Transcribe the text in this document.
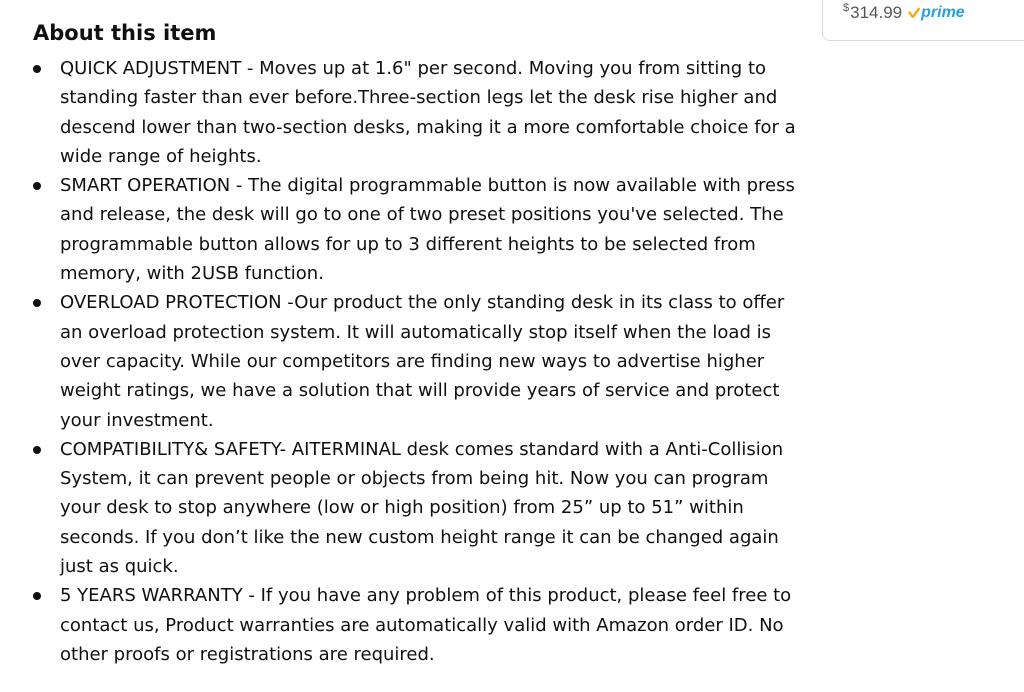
About this item
QUICK ADJUSTMENT - Moves up at 1.6" per second. Moving you from sitting to standing faster than ever before.Three-section legs let the desk rise higher and descend lower than two-section desks, making it a more comfortable choice for a wide range of heights.
SMART OPERATION - The digital programmable button is now available with press and release, the desk will go to one of two preset positions you've selected. The programmable button allows for up to 3 different heights to be selected from memory, with 2USB function.
OVERLOAD PROTECTION -Our product the only standing desk in its class to offer an overload protection system. It will automatically stop itself when the load is over capacity. While our competitors are finding new ways to advertise higher weight ratings, we have a solution that will provide years of service and protect your investment.
COMPATIBILITY& SAFETY- AITERMINAL desk comes standard with a Anti-Collision System, it can prevent people or objects from being hit. Now you can program your desk to stop anywhere (low or high position) from 25” up to 51” within seconds. If you don’t like the new custom height range it can be changed again just as quick.
5 YEARS WARRANTY - If you have any problem of this product, please feel free to contact us, Product warranties are automatically valid with Amazon order ID. No other proofs or registrations are required.
$ 314.99 prime
